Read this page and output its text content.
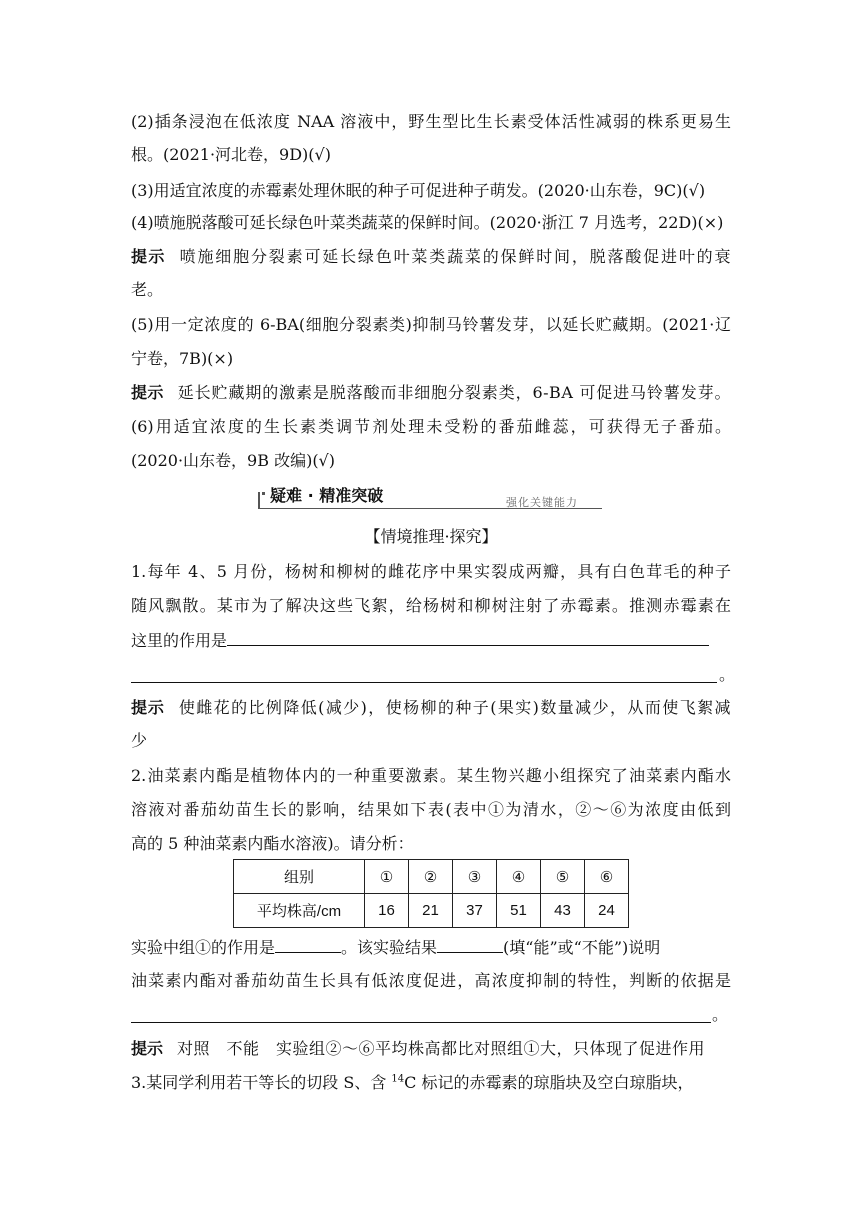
(2)插条浸泡在低浓度 NAA 溶液中，野生型比生长素受体活性减弱的株系更易生
根。(2021·河北卷，9D)(√)
(3)用适宜浓度的赤霉素处理休眠的种子可促进种子萌发。(2020·山东卷，9C)(√)
(4)喷施脱落酸可延长绿色叶菜类蔬菜的保鲜时间。(2020·浙江 7 月选考，22D)(×)
提示 喷施细胞分裂素可延长绿色叶菜类蔬菜的保鲜时间，脱落酸促进叶的衰
老。
(5)用一定浓度的 6-BA(细胞分裂素类)抑制马铃薯发芽，以延长贮藏期。(2021·辽
宁卷，7B)(×)
提示 延长贮藏期的激素是脱落酸而非细胞分裂素类，6-BA 可促进马铃薯发芽。
(6)用适宜浓度的生长素类调节剂处理未受粉的番茄雌蕊，可获得无子番茄。
(2020·山东卷，9B 改编)(√)
疑难 · 精准突破	强化关键能力
【情境推理·探究】
1.每年 4、5 月份，杨树和柳树的雌花序中果实裂成两瓣，具有白色茸毛的种子
随风飘散。某市为了解决这些飞絮，给杨树和柳树注射了赤霉素。推测赤霉素在
这里的作用是
。
提示 使雌花的比例降低(减少)，使杨柳的种子(果实)数量减少，从而使飞絮减
少
2.油菜素内酯是植物体内的一种重要激素。某生物兴趣小组探究了油菜素内酯水
溶液对番茄幼苗生长的影响，结果如下表(表中①为清水，②～⑥为浓度由低到
高的 5 种油菜素内酯水溶液)。请分析：
组别	①	②	③	④	⑤	⑥
平均株高/cm	16	21	37	51	43	24
实验中组①的作用是	。该实验结果	(填“能”或“不能”)说明
油菜素内酯对番茄幼苗生长具有低浓度促进，高浓度抑制的特性，判断的依据是
。
提示 对照　不能　实验组②～⑥平均株高都比对照组①大，只体现了促进作用
3.某同学利用若干等长的切段 S、含 $^{14}$C 标记的赤霉素的琼脂块及空白琼脂块，
